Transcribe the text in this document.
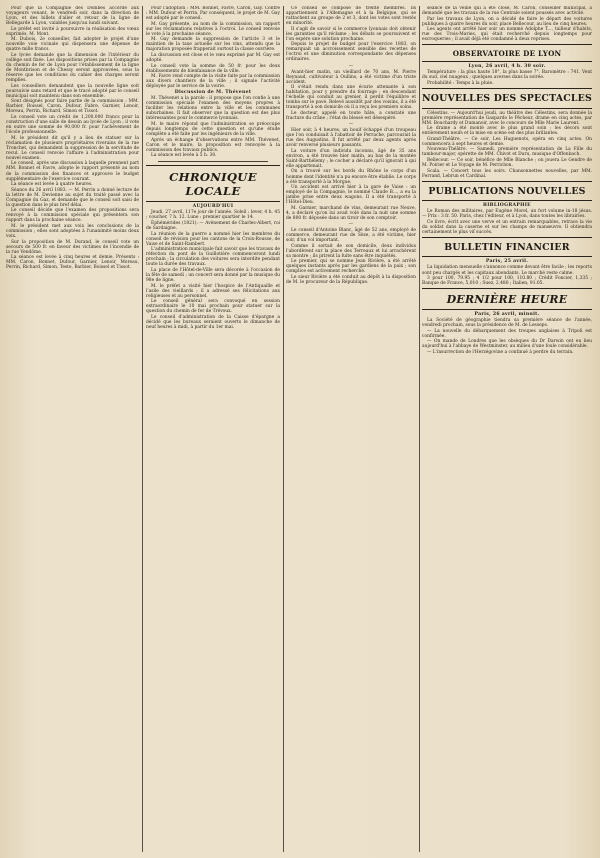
Pour que la Compagnie des Dombes accorde aux voyageurs venant, le vendredi soir, dans la direction de Lyon, et des billets d'aller et retour de la ligne de Bellegarde à Lyon, valables jusqu'au lundi suivant.

Le préfet est invité à poursuivre la réalisation des vœux exprimés. M. Mont.

M. Dubois, 2e conseiller, fait adopter le projet d'une nouvelle voie vicinale qui dispensera une dépense de quatre mille francs.

Le lycée demande que la dimension de l'intérieur du collège soit fixée. Les dispositions prises par la Compagnie du chemin de fer de Lyon pour l'établissement de la ligne de Montbrison et de Chessy seront approuvées, sous la réserve que les conditions du cahier des charges seront remplies.

Les conseillers demandent que la nouvelle ligne soit poursuivie sans retard et que le tracé adopté par le conseil municipal soit maintenu dans son ensemble.

Sont désignés pour faire partie de la commission : MM. Barbier, Boissel, Caron, Dufour, Fabre, Garnier, Lenoir, Moreau, Perrin, Richard, Simon et Tissot.

Le conseil vote un crédit de 1,200,000 francs pour la construction d'une salle de dessin au lycée de Lyon ; il vote en outre une somme de 90,000 fr. pour l'achèvement de l'école professionnelle.

M. le président dit qu'il y a lieu de statuer sur la réclamation de plusieurs propriétaires riverains de la rue Tronchet, qui demandent la suppression de la servitude de recul. Le conseil renvoie l'affaire à l'administration pour nouvel examen.

Le conseil, après une discussion à laquelle prennent part MM. Bonnet et Favre, adopte le rapport présenté au nom de la commission des finances et approuve le budget supplémentaire de l'exercice courant.

La séance est levée à quatre heures.

Séance du 26 avril 1883. — M. Perrin a donné lecture de la lettre de M. Devienne au sujet du traité passé avec la Compagnie du Gaz, et demande que le conseil soit saisi de la question dans le plus bref délai.

Le conseil décide que l'examen des propositions sera renvoyé à la commission spéciale qui présentera son rapport dans la prochaine séance.

M. le président met aux voix les conclusions de la commission ; elles sont adoptées à l'unanimité moins deux voix.

Sur la proposition de M. Durand, le conseil vote un secours de 500 fr. en faveur des victimes de l'incendie de la rue Vendôme.

La séance est levée à cinq heures et demie. Présents : MM. Caron, Bonnet, Dufour, Garnier, Lenoir, Moreau, Perrin, Richard, Simon, Teste, Barbier, Boissel et Tissot.

Pour l'adoption : MM. Bonnet, Favre, Caron, Gay. Contre : MM. Dufour et Perrin. Par conséquent, le projet de M. Gay est adopté par le conseil.

M. Gay présente, au nom de la commission, un rapport sur les réclamations relatives à l'octroi. Le conseil renvoie le vote à la prochaine séance.

M. Gay demande la suppression de l'article 3 et le maintien de la taxe actuelle sur les vins, attendu que la majoration proposée frapperait surtout la classe ouvrière.

La discussion est close et le vœu exprimé par M. Gay est adopté.

Le conseil vote la somme de 50 fr. pour les deux établissements de bienfaisance de la ville.

M. Favre rend compte de la visite faite par la commission aux divers chantiers de la ville ; il signale l'activité déployée par le service de la voirie.

Discussion de M. Thévenet

M. Thévenet a la parole : il propose que l'on confie à une commission spéciale l'examen des moyens propres à faciliter les relations entre la ville et les communes suburbaines. Il fait observer que la question est des plus intéressantes pour le commerce lyonnais.

M. le maire répond que l'administration se préoccupe depuis longtemps de cette question et qu'une étude complète a été faite par les ingénieurs de la ville.

Après un échange d'observations entre MM. Thévenet, Caron et le maire, la proposition est renvoyée à la commission des travaux publics.

La séance est levée à 5 h. 30.

CHRONIQUE LOCALE
AUJOURD'HUI

Jeudi, 27 avril, 117e jour de l'année. Soleil : lever, 4 h. 45 ; coucher, 7 h. 12. Lune : premier quartier le 14.

Éphémérides (1821). — Avènement de Charles-Albert, roi de Sardaigne.

La réunion de la guerre a nommé hier les membres du conseil de révision pour les cantons de la Croix-Rousse, de Vaise et de Saint-Rambert.

L'administration municipale fait savoir que les travaux de réfection du pont de la Guillotière commenceront lundi prochain ; la circulation des voitures sera interdite pendant toute la durée des travaux.

La place de l'Hôtel-de-Ville sera décorée à l'occasion de la fête de samedi ; un concert sera donné par la musique du 98e de ligne.

M. le préfet a visité hier l'hospice de l'Antiquaille et l'asile des vieillards ; il a adressé ses félicitations aux religieuses et au personnel.

Le conseil général sera convoqué en session extraordinaire le 10 mai prochain pour statuer sur la question du chemin de fer de Trévoux.

Le conseil d'administration de la Caisse d'épargne a décidé que les bureaux seraient ouverts le dimanche de neuf heures à midi, à partir du 1er mai.

Ce conseil se compose de trente membres. Ils appartiennent à l'Allemagne et à la Belgique, qui se rattachent au groupe de 2 et 3, dont les votes sont restés en minorité.

Il s'agit de savoir si le commerce lyonnais doit obtenir les garanties qu'il réclame ; les débats se poursuivent et l'on espère une solution prochaine.

Depuis le projet de budget pour l'exercice 1883, on remarquait un accroissement sensible des recettes de l'octroi et une diminution correspondante des dépenses ordinaires.

—

Avant-hier matin, un vieillard de 70 ans, M. Pierre Reynaud, cultivateur à Oullins, a été victime d'un triste accident.

Il s'était rendu dans une écurie attenante à son habitation, pour y prendre du fourrage ; en descendant l'échelle qui conduit au grenier, il perdit l'équilibre et tomba sur le pavé. Relevé aussitôt par des voisins, il a été transporté à son domicile où il a reçu les premiers soins.

Le docteur, appelé en toute hâte, a constaté une fracture du crâne ; l'état du blessé est désespéré.

—

Hier soir, à 4 heures, un bouif échappé d'un troupeau que l'on conduisait à l'abattoir de Perrache, parcourait la rue des Augustins. Il fut arrêté par deux agents après avoir renversé plusieurs passants.

La voiture d'un individu inconnu, âgé de 35 ans environ, a été trouvée hier matin, au bas de la montée Saint-Barthélemy ; le cocher a déclaré qu'il ignorait à qui elle appartenait.

On a trouvé sur les bords du Rhône le corps d'un homme dont l'identité n'a pu encore être établie. Le corps a été transporté à la Morgue.

Un accident est arrivé hier à la gare de Vaise : un employé de la Compagnie, le nommé Claude B..., a eu la jambe prise entre deux wagons. Il a été transporté à l'Hôtel-Dieu.

M. Garnier, marchand de vins, demeurant rue Neuve, 4, a déclaré qu'on lui avait volé dans la nuit une somme de 800 fr. déposée dans un tiroir de son comptoir.

—

Le conseil d'Antoine Blanc, âgé de 52 ans, employé de commerce, demeurant rue de Sèze, a été victime, hier soir, d'un vol important.

Comme il sortait de son domicile, deux individus l'abordèrent sur la place des Terreaux et lui arrachèrent sa montre ; ils prirent la fuite sans être inquiétés.

Le premier, qui se nomme Jean Rivière, a été arrêté quelques instants après par les gardiens de la paix ; son complice est activement recherché.

Le sieur Rivière a été conduit au dépôt à la disposition de M. le procureur de la République.

séance de la veille qui a été close, M. Caron, conseiller municipal, a demandé que les travaux de la rue Centrale soient poussés avec activité.

Par les travaux de Lyon, on a décidé de faire le départ des voitures publiques à quatre heures du soir, place Bellecour, au lieu de cinq heures.

Les agents ont arrêté hier soir un nommé Adolphe T..., tailleur d'habits, rue des Trois-Maries, qui était recherché depuis longtemps pour escroqueries ; il avait déjà été condamné à deux reprises.

OBSERVATOIRE DE LYON
Lyon, 26 avril, 4 h. 30 soir.

Température : la plus haute 18°, la plus basse 7°. Baromètre : 741. Vent du sud, ciel nuageux ; quelques averses dans la soirée.

Probabilité : Temps à la pluie.

NOUVELLES DES SPECTACLES

Célestins. — Aujourd'hui jeudi, au théâtre des Célestins, sera donnée la première représentation de Gaspardo le Pêcheur, drame en cinq actes, par MM. Bouchardy et Dumanoir, avec le concours de Mlle Marie Laurent.

Le drame a été monté avec le plus grand soin ; les décors sont entièrement neufs et la mise en scène est des plus brillantes.

Grand-Théâtre. — Ce soir, Les Huguenots, opéra en cinq actes. On commencera à sept heures et demie.

Nouveau-Théâtre. — Samedi, première représentation de La Fille du tambour-major, opérette de MM. Chivot et Duru, musique d'Offenbach.

Bellecour. — Ce soir, bénéfice de Mlle Blanche ; on jouera Le Gendre de M. Poirier et Le Voyage de M. Perrichon.

Scala. — Concert tous les soirs. Chansonnettes nouvelles, par MM. Ferrand, Lebrun et Cardinal.

PUBLICATIONS NOUVELLES
BIBLIOGRAPHIE

Le Roman des militaires, par Eugène Morel, un fort volume in-18 jésus. — Prix : 3 fr. 50. Paris, chez l'éditeur, et à Lyon, dans toutes les librairies.

Ce livre, écrit avec une verve et un entrain remarquables, retrace la vie du soldat dans la caserne et sur les champs de manœuvre. Il obtiendra certainement le plus vif succès.

BULLETIN FINANCIER
Paris, 25 avril.

La liquidation mensuelle s'annonce comme devant être facile ; les reports sont peu chargés et les capitaux abondants. Le marché reste calme.

3 pour 100, 79.95 ; 4 1/2 pour 100, 110.80 ; Crédit Foncier, 1,335 ; Banque de France, 5,010 ; Suez, 2,480 ; Italien, 91.05.

DERNIÈRE HEURE
Paris, 26 avril, minuit.

La Société de géographie tiendra sa première séance de l'année, vendredi prochain, sous la présidence de M. de Lesseps.

— La nouvelle du débarquement des troupes anglaises à Tripoli est confirmée.

— On mande de Londres que les obsèques du Dr Darwin ont eu lieu aujourd'hui à l'abbaye de Westminster, au milieu d'une foule considérable.

— L'insurrection de l'Herzégovine a continué à perdre du terrain.
